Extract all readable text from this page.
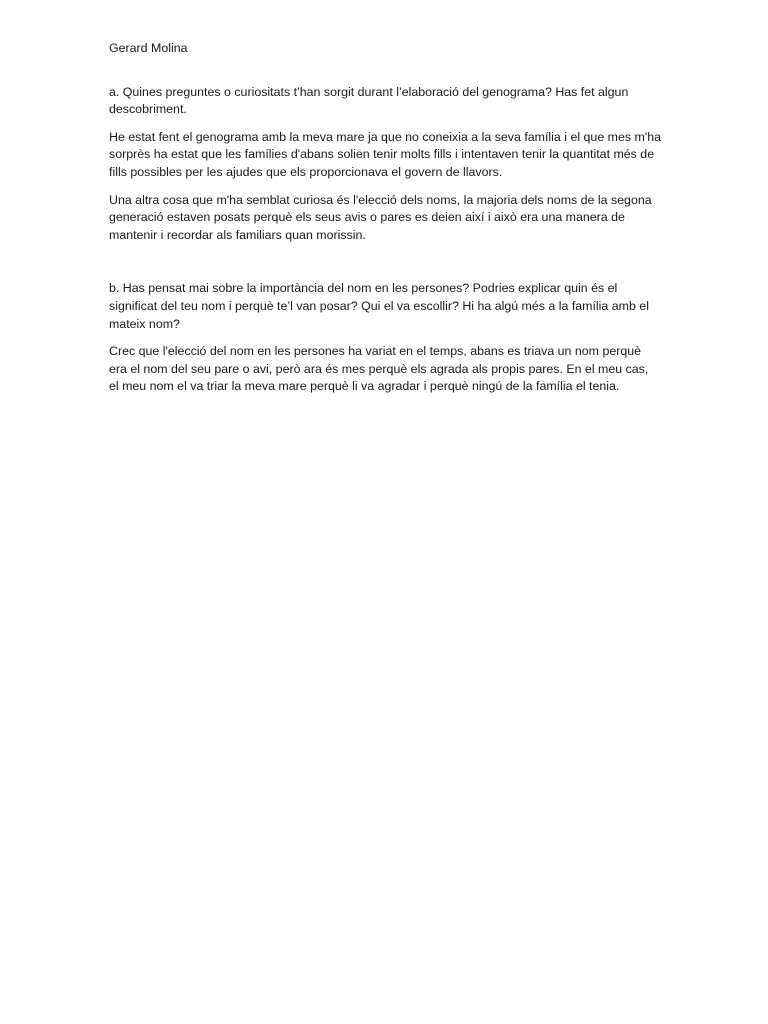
Gerard Molina

a. Quines preguntes o curiositats t’han sorgit durant l’elaboració del genograma? Has fet algun descobriment.

He estat fent el genograma amb la meva mare ja que no coneixia a la seva família i el que mes m'ha sorprès ha estat que les famílies d'abans solien tenir molts fills i intentaven tenir la quantitat més de fills possibles per les ajudes que els proporcionava el govern de llavors.

Una altra cosa que m'ha semblat curiosa és l'elecció dels noms, la majoria dels noms de la segona generació estaven posats perquè els seus avis o pares es deien així i això era una manera de mantenir i recordar als familiars quan morissin.

b. Has pensat mai sobre la importància del nom en les persones? Podries explicar quin és el significat del teu nom i perquè te’l van posar? Qui el va escollir? Hi ha algú més a la família amb el mateix nom?

Crec que l'elecció del nom en les persones ha variat en el temps, abans es triava un nom perquè era el nom del seu pare o avi, però ara és mes perquè els agrada als propis pares. En el meu cas, el meu nom el va triar la meva mare perquè li va agradar i perquè ningú de la família el tenia.
